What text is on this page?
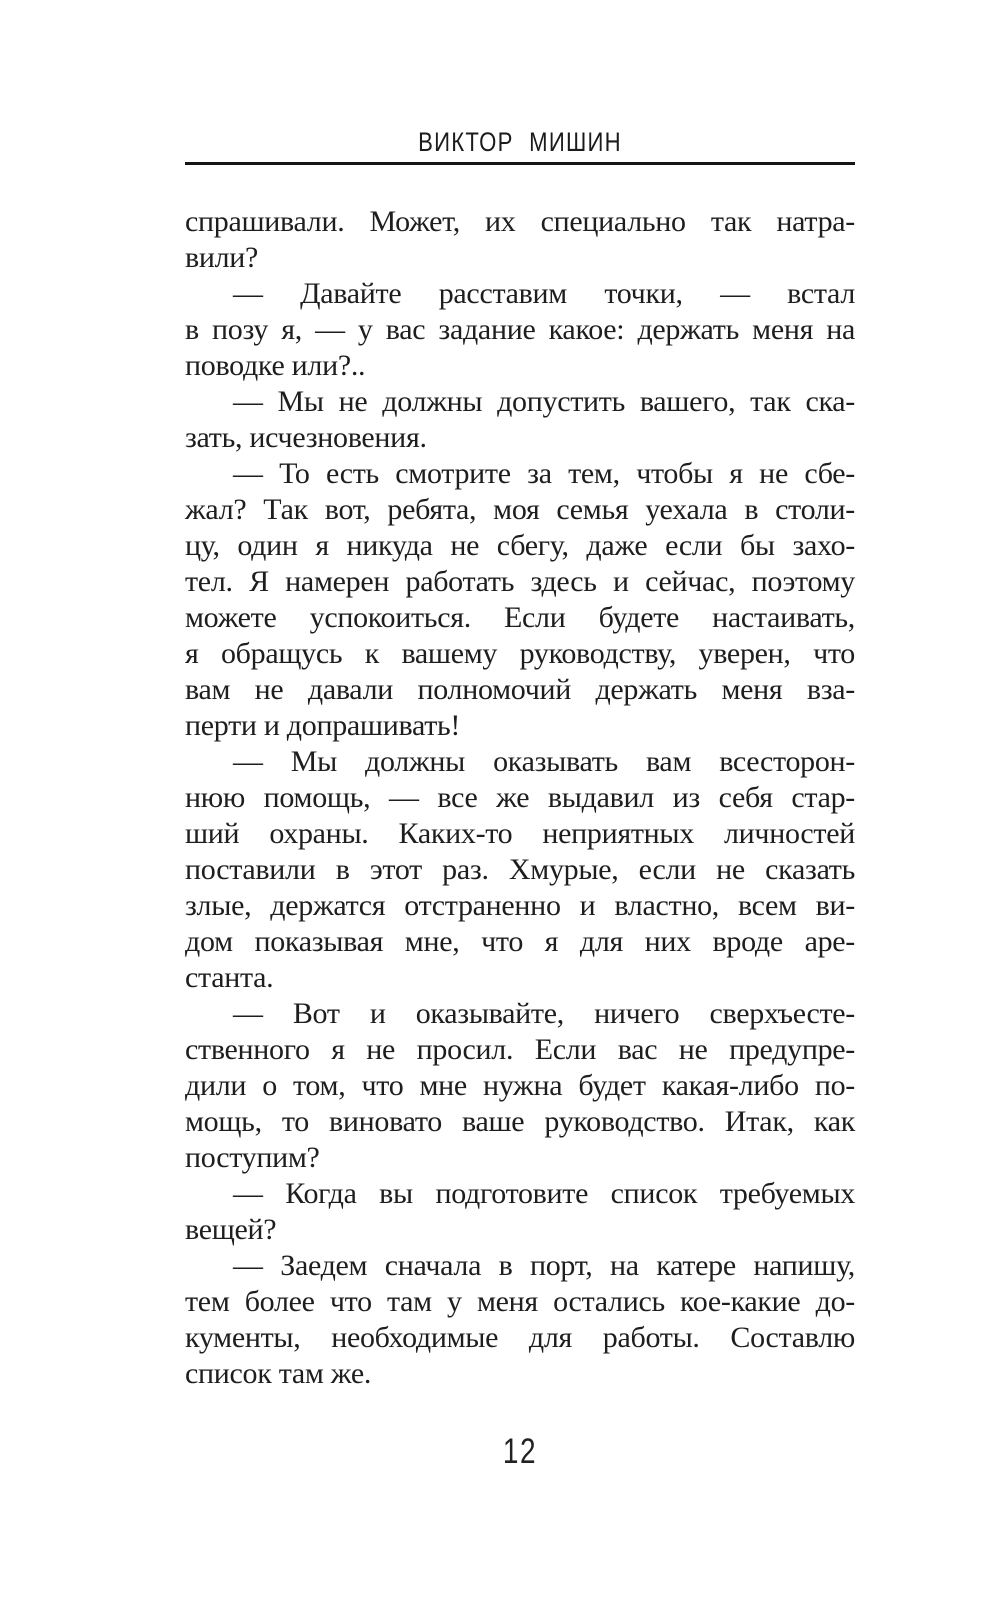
ВИКТОР МИШИН
спрашивали. Может, их специально так натра-
вили?
— Давайте расставим точки, — встал
в позу я, — у вас задание какое: держать меня на
поводке или?..
— Мы не должны допустить вашего, так ска-
зать, исчезновения.
— То есть смотрите за тем, чтобы я не сбе-
жал? Так вот, ребята, моя семья уехала в столи-
цу, один я никуда не сбегу, даже если бы захо-
тел. Я намерен работать здесь и сейчас, поэтому
можете успокоиться. Если будете настаивать,
я обращусь к вашему руководству, уверен, что
вам не давали полномочий держать меня вза-
перти и допрашивать!
— Мы должны оказывать вам всесторон-
нюю помощь, — все же выдавил из себя стар-
ший охраны. Каких-то неприятных личностей
поставили в этот раз. Хмурые, если не сказать
злые, держатся отстраненно и властно, всем ви-
дом показывая мне, что я для них вроде аре-
станта.
— Вот и оказывайте, ничего сверхъесте-
ственного я не просил. Если вас не предупре-
дили о том, что мне нужна будет какая-либо по-
мощь, то виновато ваше руководство. Итак, как
поступим?
— Когда вы подготовите список требуемых
вещей?
— Заедем сначала в порт, на катере напишу,
тем более что там у меня остались кое-какие до-
кументы, необходимые для работы. Составлю
список там же.
12
